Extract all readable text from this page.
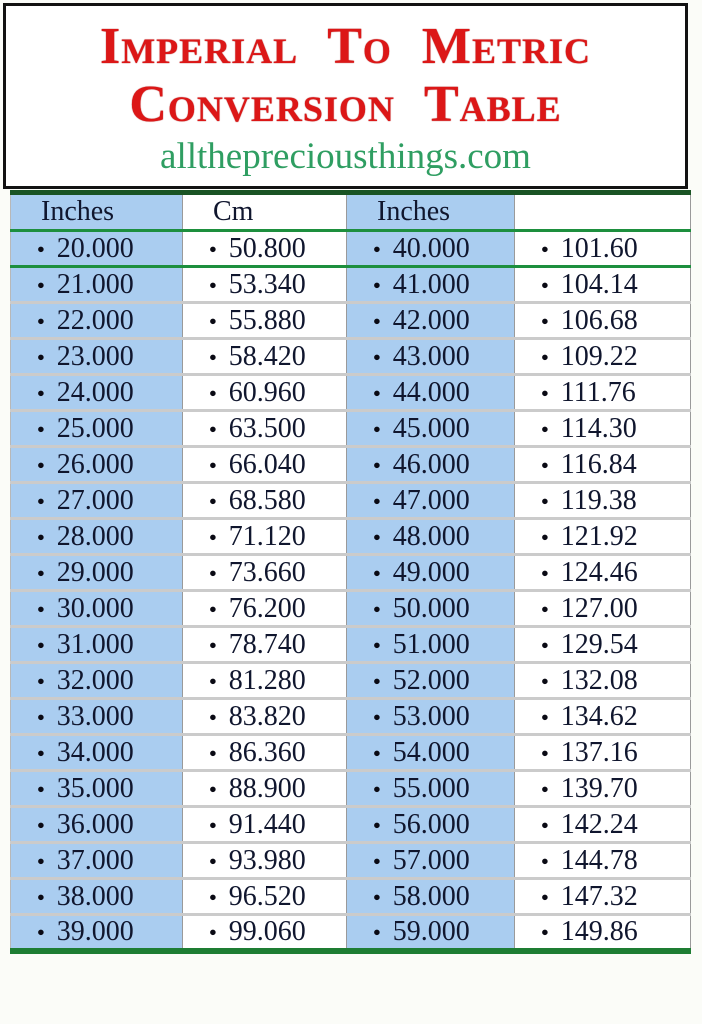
Imperial To Metric
Conversion Table
allthepreciousthings.com
Inches	Cm	Inches	
● 20.000	● 50.800	● 40.000	● 101.60
● 21.000	● 53.340	● 41.000	● 104.14
● 22.000	● 55.880	● 42.000	● 106.68
● 23.000	● 58.420	● 43.000	● 109.22
● 24.000	● 60.960	● 44.000	● 111.76
● 25.000	● 63.500	● 45.000	● 114.30
● 26.000	● 66.040	● 46.000	● 116.84
● 27.000	● 68.580	● 47.000	● 119.38
● 28.000	● 71.120	● 48.000	● 121.92
● 29.000	● 73.660	● 49.000	● 124.46
● 30.000	● 76.200	● 50.000	● 127.00
● 31.000	● 78.740	● 51.000	● 129.54
● 32.000	● 81.280	● 52.000	● 132.08
● 33.000	● 83.820	● 53.000	● 134.62
● 34.000	● 86.360	● 54.000	● 137.16
● 35.000	● 88.900	● 55.000	● 139.70
● 36.000	● 91.440	● 56.000	● 142.24
● 37.000	● 93.980	● 57.000	● 144.78
● 38.000	● 96.520	● 58.000	● 147.32
● 39.000	● 99.060	● 59.000	● 149.86
